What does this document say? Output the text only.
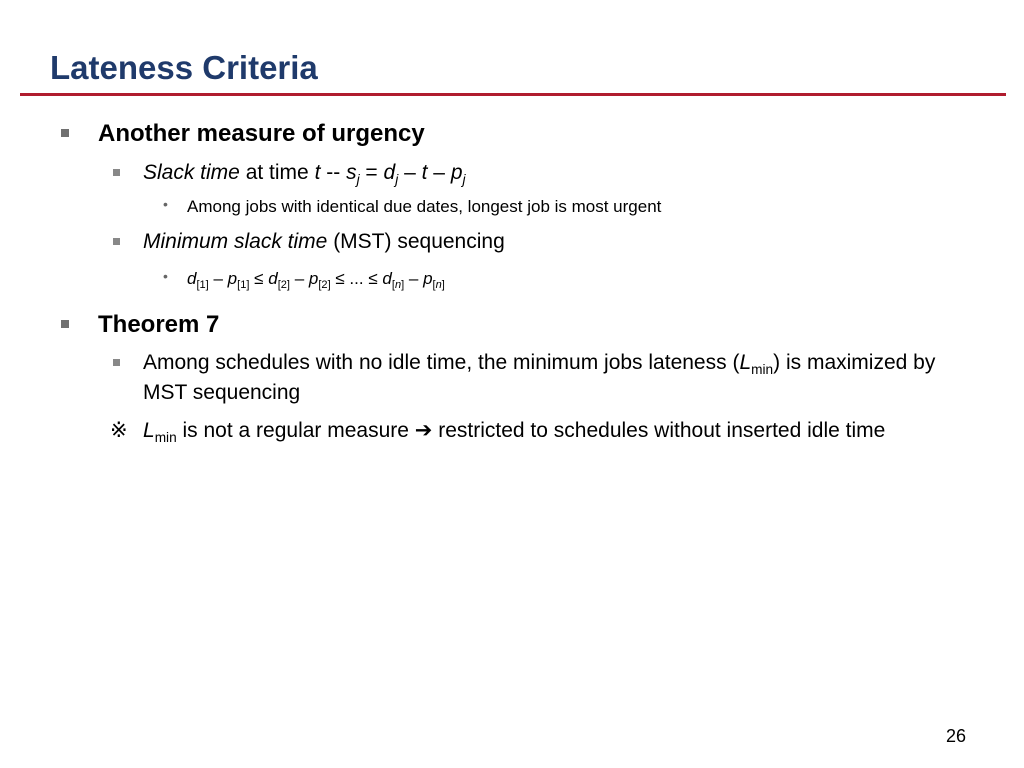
Lateness Criteria
Another measure of urgency
Slack time at time $t -- s_j = d_j - t - p_j$
• Among jobs with identical due dates, longest job is most urgent
Minimum slack time (MST) sequencing
• $d_{[1]} - p_{[1]} \le d_{[2]} - p_{[2]}$ ≤ ... ≤ $d_{[n]} - p_{[n]}$
Theorem 7
Among schedules with no idle time, the minimum jobs lateness $(L_{min})$ is maximized by MST sequencing
※ $L_{min}$ is not a regular measure ➔ restricted to schedules without inserted idle time
26
